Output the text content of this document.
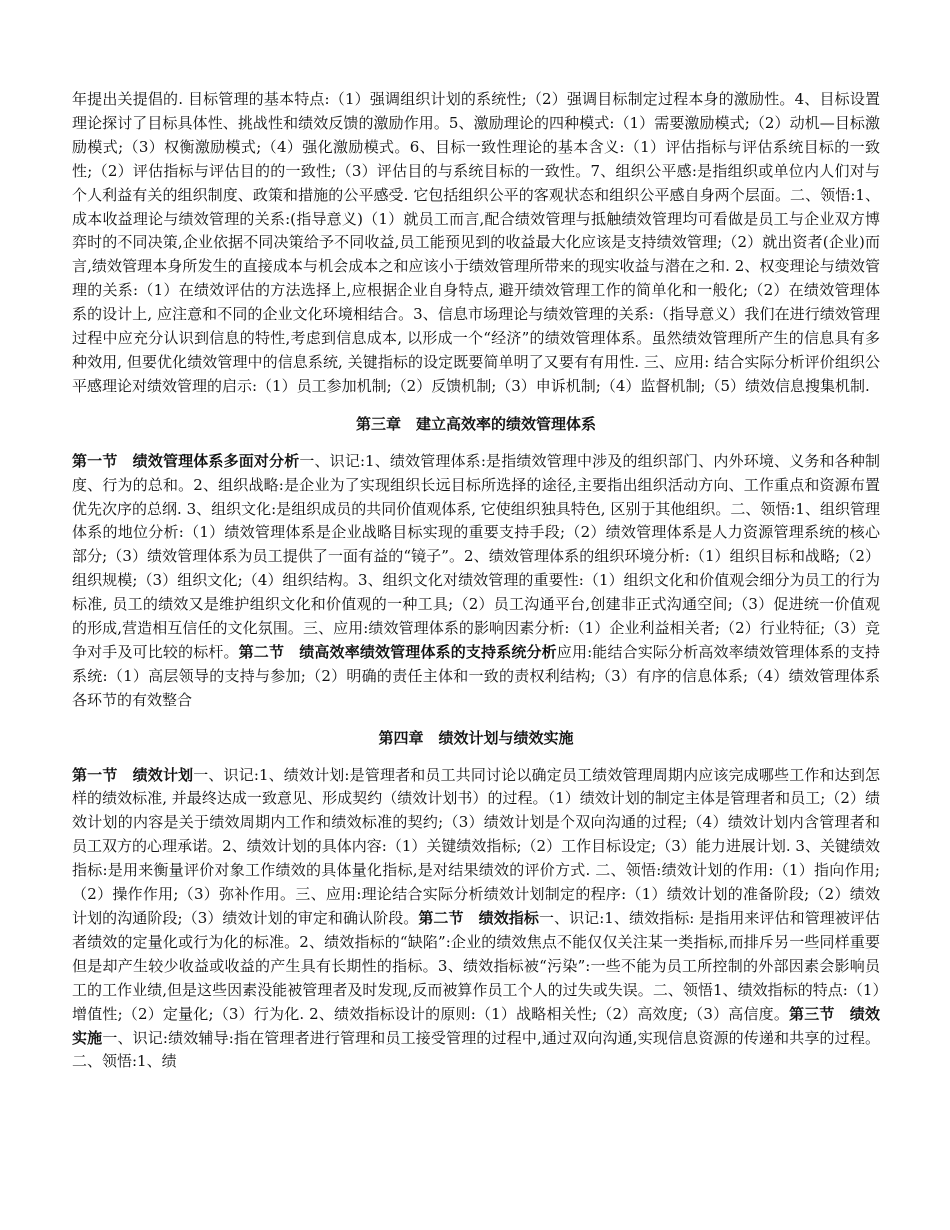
年提出关提倡的. 目标管理的基本特点:（1）强调组织计划的系统性;（2）强调目标制定过程本身的激励性。4、目标设置理论探讨了目标具体性、挑战性和绩效反馈的激励作用。5、激励理论的四种模式:（1）需要激励模式;（2）动机—目标激励模式;（3）权衡激励模式;（4）强化激励模式。6、目标一致性理论的基本含义:（1）评估指标与评估系统目标的一致性;（2）评估指标与评估目的的一致性;（3）评估目的与系统目标的一致性。7、组织公平感:是指组织或单位内人们对与个人利益有关的组织制度、政策和措施的公平感受. 它包括组织公平的客观状态和组织公平感自身两个层面。二、领悟:1、成本收益理论与绩效管理的关系:(指导意义)（1）就员工而言,配合绩效管理与抵触绩效管理均可看做是员工与企业双方博弈时的不同决策,企业依据不同决策给予不同收益,员工能预见到的收益最大化应该是支持绩效管理;（2）就出资者(企业)而言,绩效管理本身所发生的直接成本与机会成本之和应该小于绩效管理所带来的现实收益与潜在之和. 2、权变理论与绩效管理的关系:（1）在绩效评估的方法选择上,应根据企业自身特点, 避开绩效管理工作的简单化和一般化;（2）在绩效管理体系的设计上, 应注意和不同的企业文化环境相结合。3、信息市场理论与绩效管理的关系:（指导意义）我们在进行绩效管理过程中应充分认识到信息的特性,考虑到信息成本, 以形成一个“经济”的绩效管理体系。虽然绩效管理所产生的信息具有多种效用, 但要优化绩效管理中的信息系统, 关键指标的设定既要简单明了又要有有用性. 三、应用: 结合实际分析评价组织公平感理论对绩效管理的启示:（1）员工参加机制;（2）反馈机制;（3）申诉机制;（4）监督机制;（5）绩效信息搜集机制.

第三章　建立高效率的绩效管理体系

第一节　绩效管理体系多面对分析一、识记:1、绩效管理体系:是指绩效管理中涉及的组织部门、内外环境、义务和各种制度、行为的总和。2、组织战略:是企业为了实现组织长远目标所选择的途径,主要指出组织活动方向、工作重点和资源布置优先次序的总纲. 3、组织文化:是组织成员的共同价值观体系, 它使组织独具特色, 区别于其他组织。二、领悟:1、组织管理体系的地位分析:（1）绩效管理体系是企业战略目标实现的重要支持手段;（2）绩效管理体系是人力资源管理系统的核心部分;（3）绩效管理体系为员工提供了一面有益的“镜子”。2、绩效管理体系的组织环境分析:（1）组织目标和战略;（2）组织规模;（3）组织文化;（4）组织结构。3、组织文化对绩效管理的重要性:（1）组织文化和价值观会细分为员工的行为标准, 员工的绩效又是维护组织文化和价值观的一种工具;（2）员工沟通平台,创建非正式沟通空间;（3）促进统一价值观的形成,营造相互信任的文化氛围。三、应用:绩效管理体系的影响因素分析:（1）企业利益相关者;（2）行业特征;（3）竞争对手及可比较的标杆。第二节　绩高效率绩效管理体系的支持系统分析应用:能结合实际分析高效率绩效管理体系的支持系统:（1）高层领导的支持与参加;（2）明确的责任主体和一致的责权利结构;（3）有序的信息体系;（4）绩效管理体系各环节的有效整合

第四章　绩效计划与绩效实施

第一节　绩效计划一、识记:1、绩效计划:是管理者和员工共同讨论以确定员工绩效管理周期内应该完成哪些工作和达到怎样的绩效标准, 并最终达成一致意见、形成契约（绩效计划书）的过程。（1）绩效计划的制定主体是管理者和员工;（2）绩效计划的内容是关于绩效周期内工作和绩效标准的契约;（3）绩效计划是个双向沟通的过程;（4）绩效计划内含管理者和员工双方的心理承诺。2、绩效计划的具体内容:（1）关键绩效指标;（2）工作目标设定;（3）能力进展计划. 3、关键绩效指标:是用来衡量评价对象工作绩效的具体量化指标,是对结果绩效的评价方式. 二、领悟:绩效计划的作用:（1）指向作用;（2）操作作用;（3）弥补作用。三、应用:理论结合实际分析绩效计划制定的程序:（1）绩效计划的准备阶段;（2）绩效计划的沟通阶段;（3）绩效计划的审定和确认阶段。第二节　绩效指标一、识记:1、绩效指标: 是指用来评估和管理被评估者绩效的定量化或行为化的标准。2、绩效指标的“缺陷”:企业的绩效焦点不能仅仅关注某一类指标,而排斥另一些同样重要但是却产生较少收益或收益的产生具有长期性的指标。3、绩效指标被“污染”:一些不能为员工所控制的外部因素会影响员工的工作业绩,但是这些因素没能被管理者及时发现,反而被算作员工个人的过失或失误。二、领悟1、绩效指标的特点:（1）增值性;（2）定量化;（3）行为化. 2、绩效指标设计的原则:（1）战略相关性;（2）高效度;（3）高信度。第三节　绩效实施一、识记:绩效辅导:指在管理者进行管理和员工接受管理的过程中,通过双向沟通,实现信息资源的传递和共享的过程。二、领悟:1、绩
